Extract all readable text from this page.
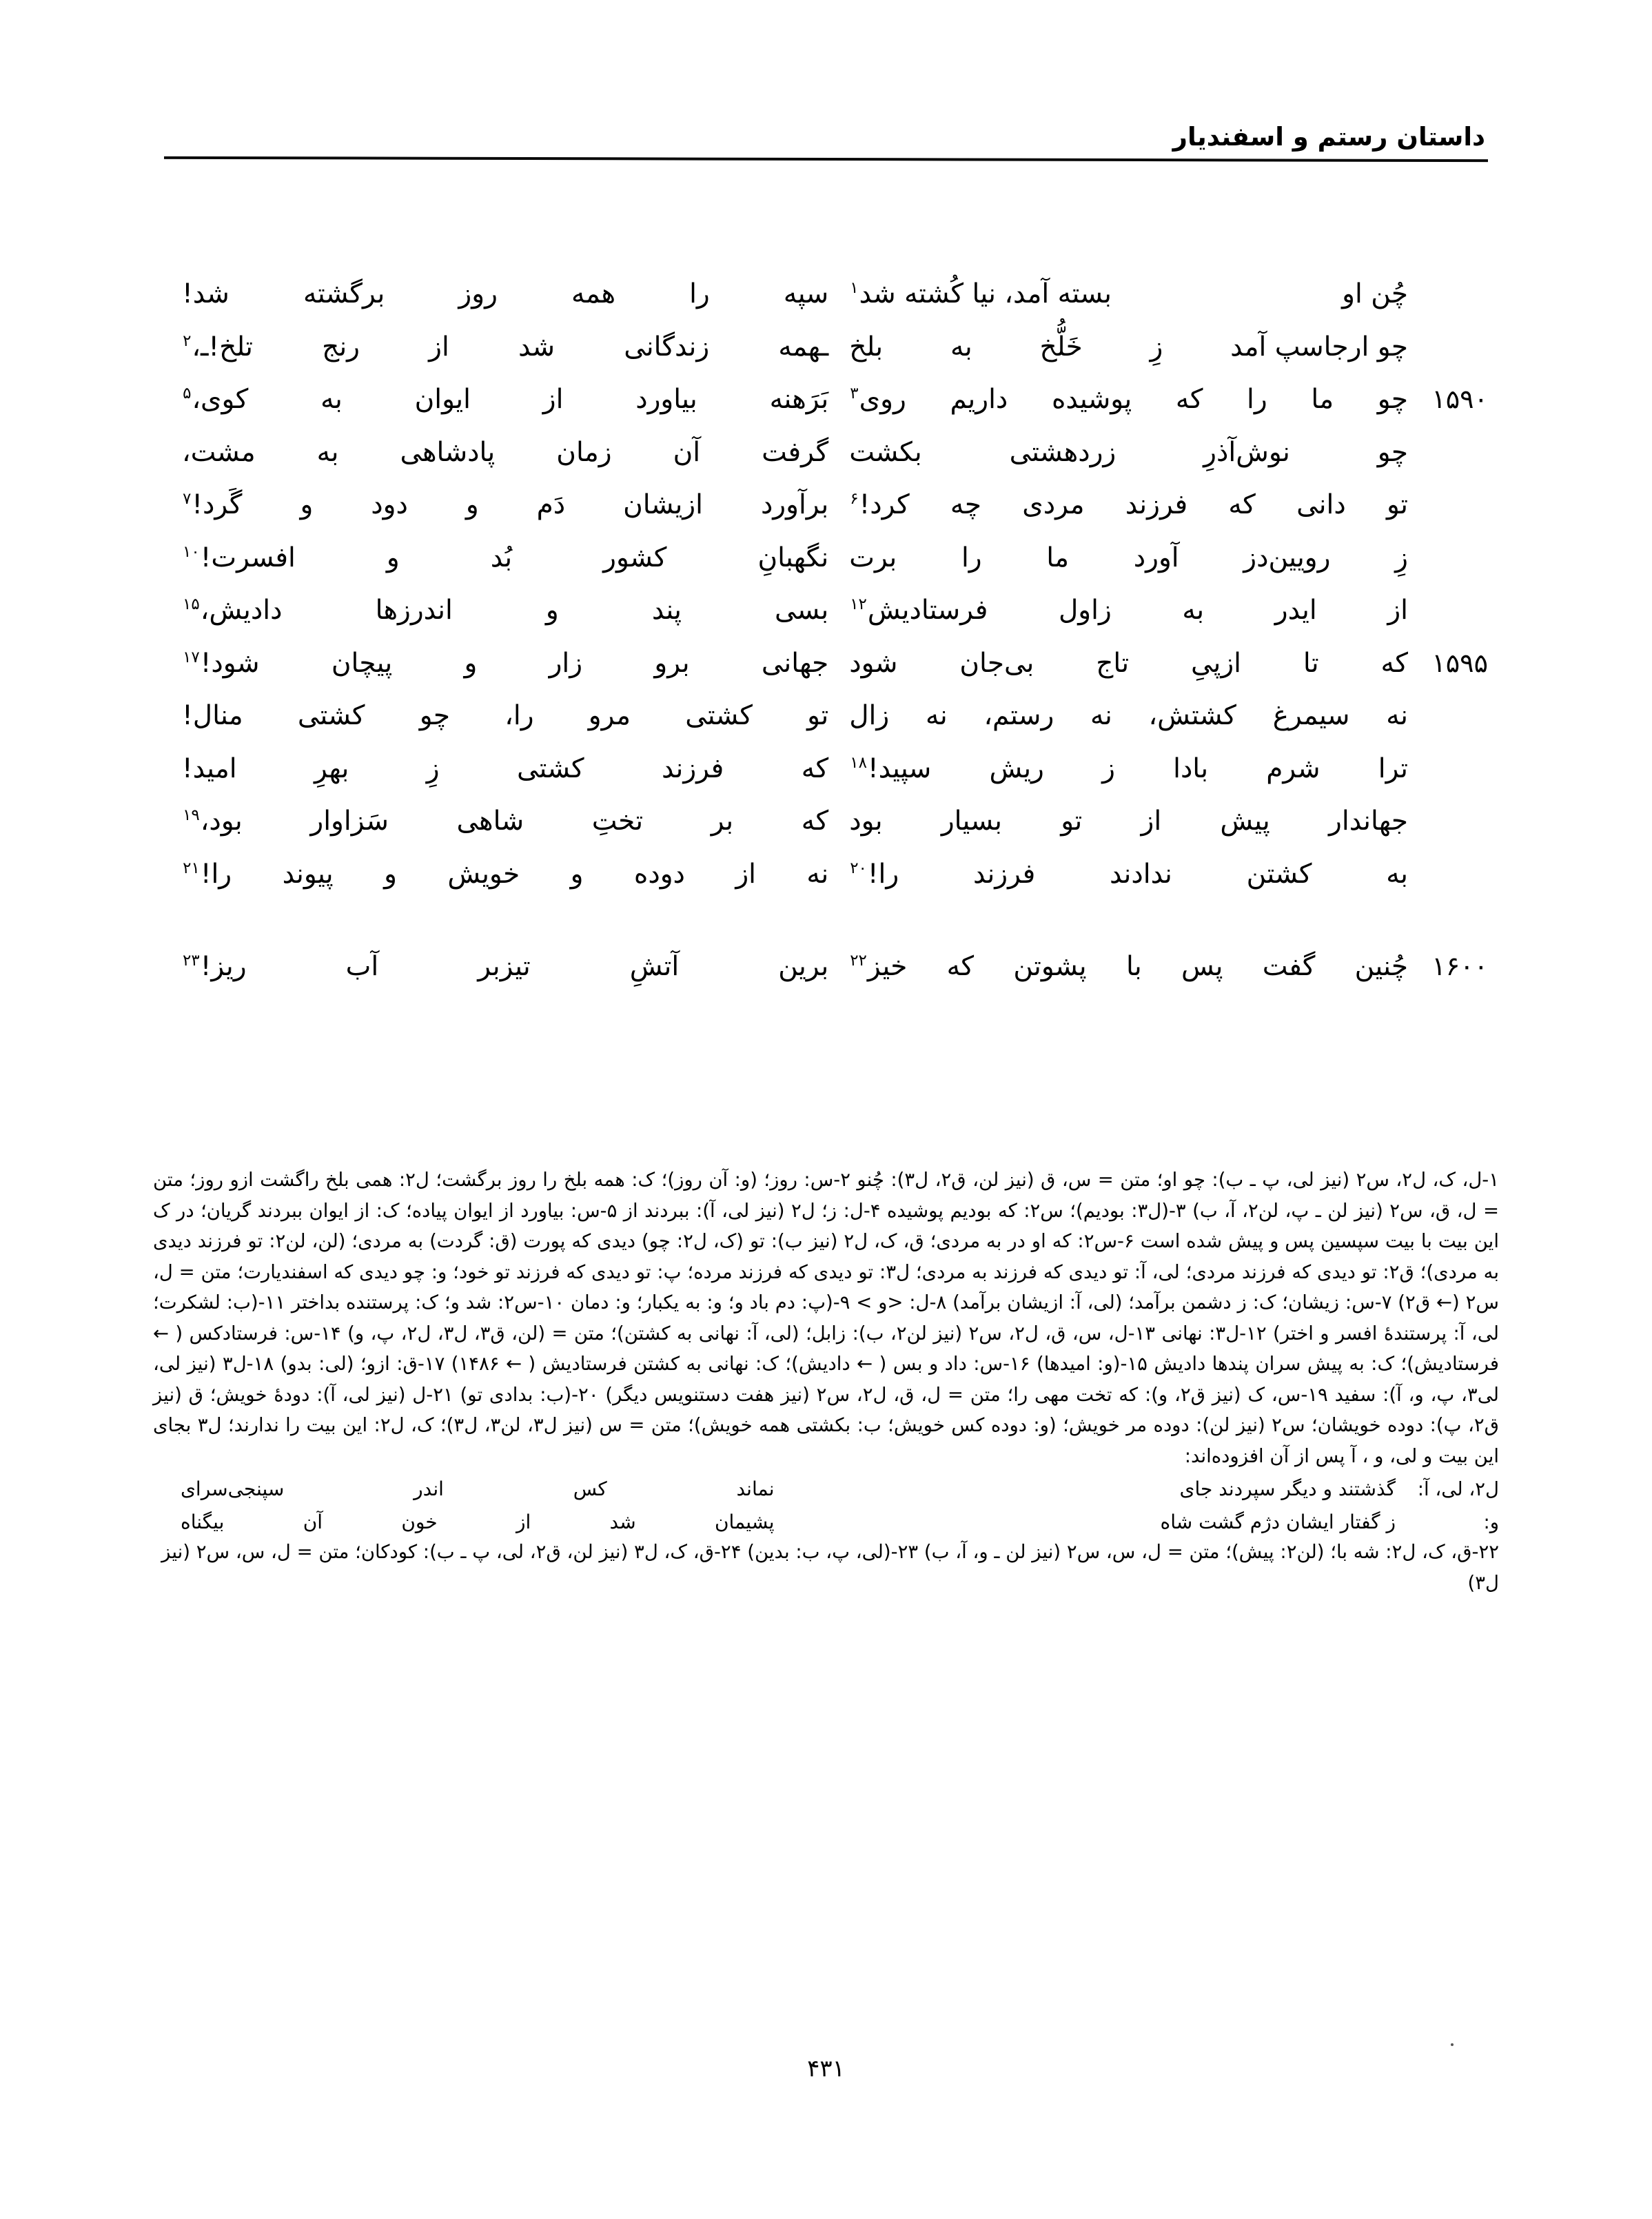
داستان رستم و اسفندیار
چُن او
بسته آمد، نیا کُشته شد$^۱$
سپه
را
همه
روز
برگشته
شد!
چو ارجاسپ آمد
زِ
خَلُّخ
به
بلخ
ـهمه
زندگانی
شد
از
رنج
تلخ!ـ،$^۲$
۱۵۹۰
چو
ما
را
که
پوشیده
داریم
روی$^۳$
بَرَهنه
بیاورد
از
ایوان
به
کوی،$^۵$
چو
نوش‌آذرِ
زردهشتی
بکشت
گرفت
آن
زمان
پادشاهی
به
مشت،
تو
دانی
که
فرزند
مردی
چه
کرد!$^۶$
برآورد
ازیشان
دَم
و
دود
و
گَرد!$^۷$
زِ
رویین‌دز
آورد
ما
را
برت
نگهبانِ
کشور
بُد
و
افسرت!$^{۱۰}$
از
ایدر
به
زاول
فرستادیش$^{۱۲}$
بسی
پند
و
اندرزها
دادیش،$^{۱۵}$
۱۵۹۵
که
تا
ازپیِ
تاج
بی‌جان
شود
جهانی
برو
زار
و
پیچان
شود!$^{۱۷}$
نه
سیمرغ
کشتش،
نه
رستم،
نه
زال
تو
کشتی
مرو
را،
چو
کشتی
منال!
ترا
شرم
بادا
ز
ریش
سپید!$^{۱۸}$
که
فرزند
کشتی
زِ
بهرِ
امید!
جهاندار
پیش
از
تو
بسیار
بود
که
بر
تختِ
شاهی
سَزاوار
بود،$^{۱۹}$
به
کشتن
ندادند
فرزند
را!$^{۲۰}$
نه
از
دوده
و
خویش
و
پیوند
را!$^{۲۱}$
۱۶۰۰
چُنین
گفت
پس
با
پشوتن
که
خیز$^{۲۲}$
برین
آتشِ
تیزبر
آب
ریز!$^{۲۳}$

۱-ل، ک، ل۲، س۲ (نیز لی، پ ـ ب): چو او؛ متن = س، ق (نیز لن، ق۲، ل۳): چُنو ۲-س: روز؛ (و: آن روز)؛ ک: همه بلخ را روز برگشت؛ ل۲: همی بلخ راگشت ازو روز؛ متن = ل، ق، س۲ (نیز لن ـ پ، لن۲، آ، ب) ۳-(ل۳: بودیم)؛ س۲: که بودیم پوشیده ۴-ل: ز؛ ل۲ (نیز لی، آ): ببردند از ۵-س: بیاورد از ایوان پیاده؛ ک: از ایوان ببردند گریان؛ در ک این بیت با بیت سپسین پس و پیش شده است ۶-س۲: که او در به مردی؛ ق، ک، ل۲ (نیز ب): تو (ک، ل۲: چو) دیدی که پورت (ق: گردت) به مردی؛ (لن، لن۲: تو فرزند دیدی به مردی)؛ ق۲: تو دیدی که فرزند مردی؛ لی، آ: تو دیدی که فرزند به مردی؛ ل۳: تو دیدی که فرزند مرده؛ پ: تو دیدی که فرزند تو خود؛ و: چو دیدی که اسفندیارت؛ متن = ل، س۲ (← ق۲) ۷-س: زیشان؛ ک: ز دشمن برآمد؛ (لی، آ: ازیشان برآمد) ۸-ل: <و > ۹-(پ: دم باد و؛ و: به یکبار؛ و: دمان ۱۰-س۲: شد و؛ ک: پرستنده بداختر ۱۱-(ب: لشکرت؛ لی، آ: پرستندهٔ افسر و اختر) ۱۲-ل۳: نهانی ۱۳-ل، س، ق، ل۲، س۲ (نیز لن۲، ب): زابل؛ (لی، آ: نهانی به کشتن)؛ متن = (لن، ق۳، ل۳، ل۲، پ، و) ۱۴-س: فرستادکس ( ← فرستادیش)؛ ک: به پیش سران پندها دادیش ۱۵-(و: امیدها) ۱۶-س: داد و بس ( ← دادیش)؛ ک: نهانی به کشتن فرستادیش ( ← ۱۴۸۶) ۱۷-ق: ازو؛ (لی: بدو) ۱۸-ل۳ (نیز لی، لی۳، پ، و، آ): سفید ۱۹-س، ک (نیز ق۲، و): که تخت مهی را؛ متن = ل، ق، ل۲، س۲ (نیز هفت دستنویس دیگر) ۲۰-(ب: بدادی تو) ۲۱-ل (نیز لی، آ): دودهٔ خویش؛ ق (نیز ق۲، پ): دوده خویشان؛ س۲ (نیز لن): دوده مر خویش؛ (و: دوده کس خویش؛ ب: بکشتی همه خویش)؛ متن = س (نیز ل۳، لن۳، ل۳)؛ ک، ل۲: این بیت را ندارند؛ ل۳ بجای این بیت و لی، و ، آ پس از آن افزوده‌اند:

ل۲، لی، آ:
گذشتند و دیگر سپردند جای
نماند
کس
اندر
سپنجی‌سرای
و:
ز گفتار ایشان دژم گشت شاه
پشیمان
شد
از
خون
آن
بیگناه

۲۲-ق، ک، ل۲: شه با؛ (لن۲: پیش)؛ متن = ل، س، س۲ (نیز لن ـ و، آ، ب) ۲۳-(لی، پ، ب: بدین) ۲۴-ق، ک، ل۳ (نیز لن، ق۲، لی، پ ـ ب): کودکان؛ متن = ل، س، س۲ (نیز ل۳)

۴۳۱
